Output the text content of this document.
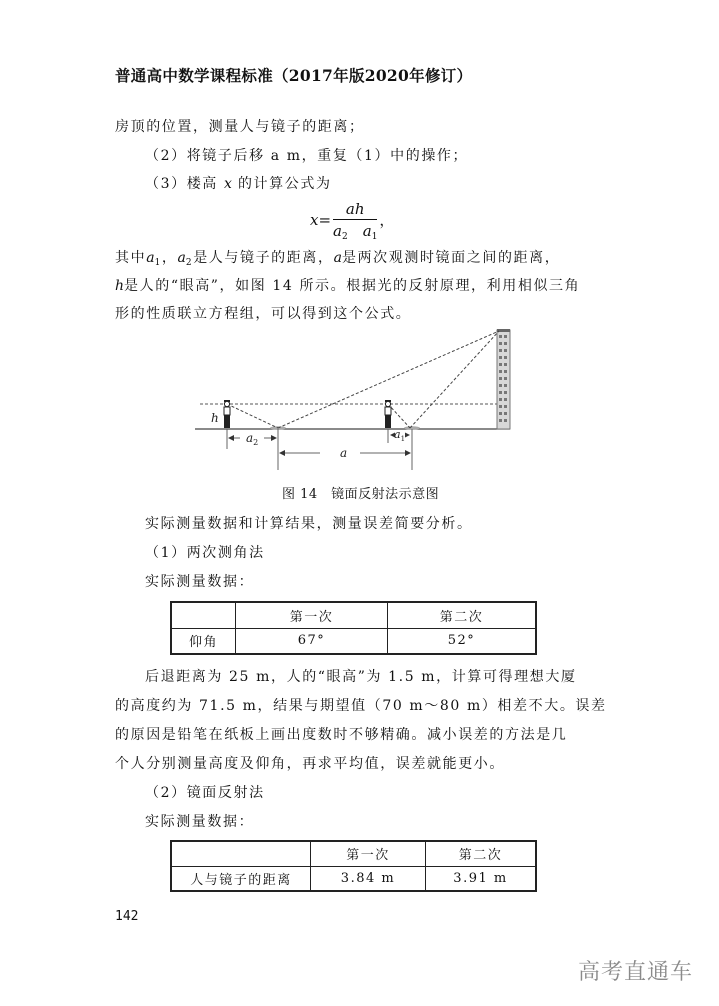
普通高中数学课程标准（2017年版2020年修订）
房顶的位置，测量人与镜子的距离；
（2）将镜子后移 a m，重复（1）中的操作；
（3）楼高 x 的计算公式为
$x= \frac{ah}{a_2 a_1}$ ，
其中$a_1$，$a_2$是人与镜子的距离，a是两次观测时镜面之间的距离，
h是人的“眼高”，如图 14 所示。根据光的反射原理，利用相似三角
形的性质联立方程组，可以得到这个公式。
h
$a_2$
$a_1$
a
图 14　镜面反射法示意图
实际测量数据和计算结果，测量误差简要分析。
（1）两次测角法
实际测量数据：
	第一次	第二次
仰角	67°	52°
后退距离为 25 m，人的“眼高”为 1.5 m，计算可得理想大厦
的高度约为 71.5 m，结果与期望值（70 m～80 m）相差不大。误差
的原因是铅笔在纸板上画出度数时不够精确。减小误差的方法是几
个人分别测量高度及仰角，再求平均值，误差就能更小。
（2）镜面反射法
实际测量数据：
	第一次	第二次
人与镜子的距离	3.84 m	3.91 m
142
高考直通车
